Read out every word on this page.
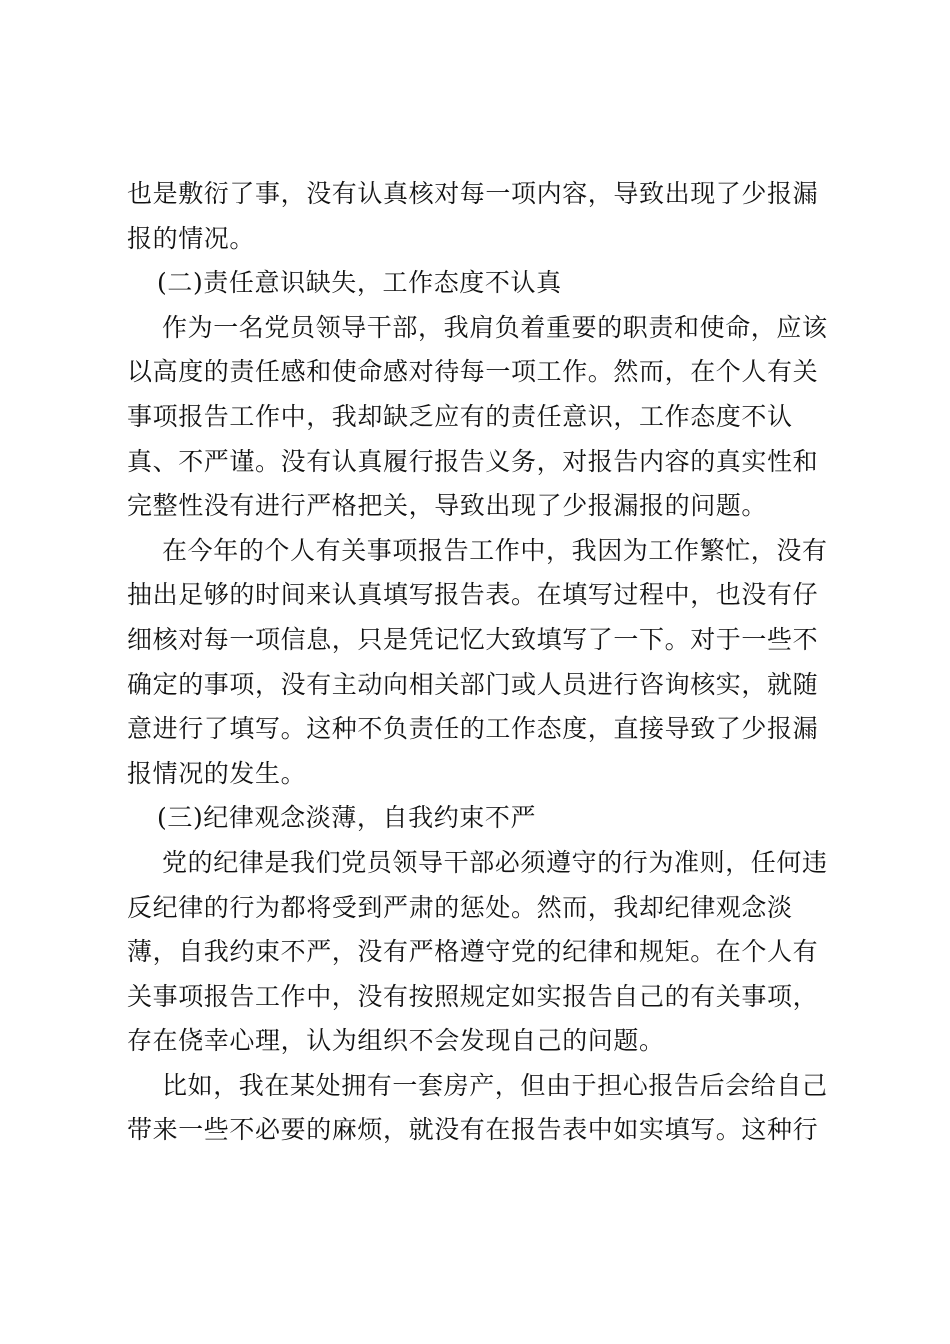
也是敷衍了事，没有认真核对每一项内容，导致出现了少报漏
报的情况。
(二)责任意识缺失，工作态度不认真
作为一名党员领导干部，我肩负着重要的职责和使命，应该
以高度的责任感和使命感对待每一项工作。然而，在个人有关
事项报告工作中，我却缺乏应有的责任意识，工作态度不认
真、不严谨。没有认真履行报告义务，对报告内容的真实性和
完整性没有进行严格把关，导致出现了少报漏报的问题。
在今年的个人有关事项报告工作中，我因为工作繁忙，没有
抽出足够的时间来认真填写报告表。在填写过程中，也没有仔
细核对每一项信息，只是凭记忆大致填写了一下。对于一些不
确定的事项，没有主动向相关部门或人员进行咨询核实，就随
意进行了填写。这种不负责任的工作态度，直接导致了少报漏
报情况的发生。
(三)纪律观念淡薄，自我约束不严
党的纪律是我们党员领导干部必须遵守的行为准则，任何违
反纪律的行为都将受到严肃的惩处。然而，我却纪律观念淡
薄，自我约束不严，没有严格遵守党的纪律和规矩。在个人有
关事项报告工作中，没有按照规定如实报告自己的有关事项，
存在侥幸心理，认为组织不会发现自己的问题。
比如，我在某处拥有一套房产，但由于担心报告后会给自己
带来一些不必要的麻烦，就没有在报告表中如实填写。这种行
